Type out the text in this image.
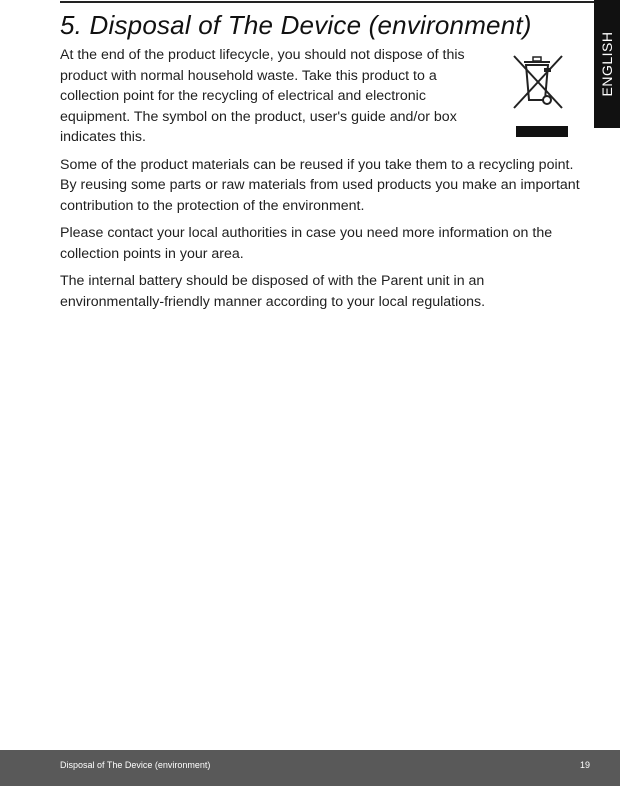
ENGLISH
5. Disposal of The Device (environment)

At the end of the product lifecycle, you should not dispose of this product with normal household waste. Take this product to a collection point for the recycling of electrical and electronic equipment. The symbol on the product, user's guide and/or box indicates this.

Some of the product materials can be reused if you take them to a recycling point. By reusing some parts or raw materials from used products you make an important contribution to the protection of the environment.

Please contact your local authorities in case you need more information on the collection points in your area.

The internal battery should be disposed of with the Parent unit in an environmentally-friendly manner according to your local regulations.

Disposal of The Device (environment)	19
